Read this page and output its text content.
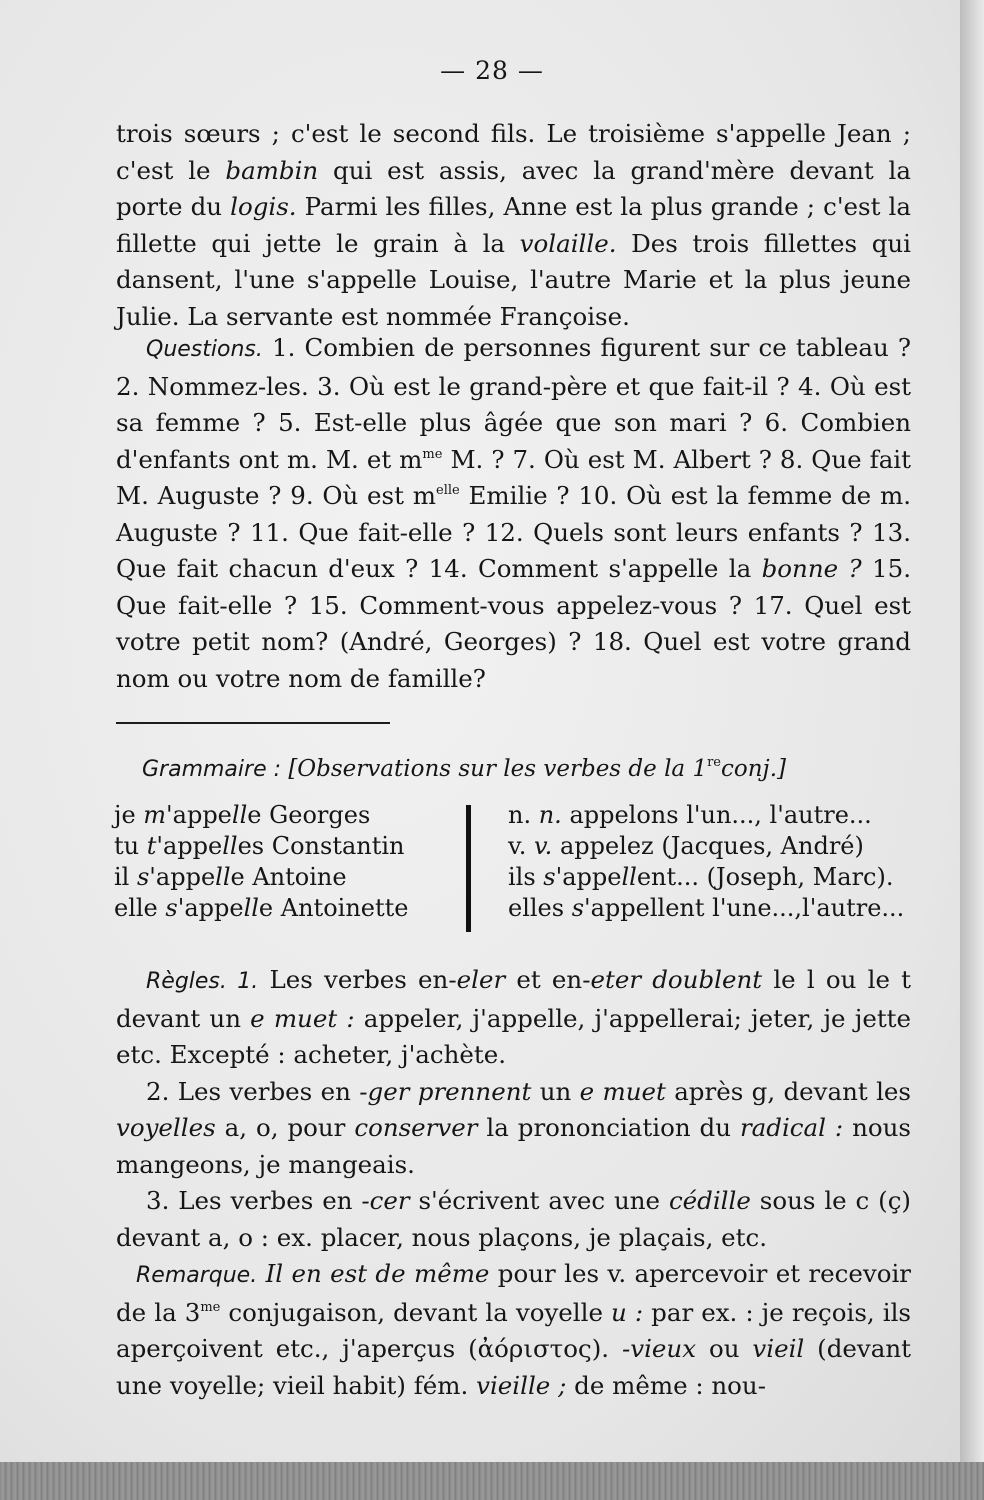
— 28 —

trois sœurs ; c'est le second fils. Le troisième s'appelle Jean ; c'est le bambin qui est assis, avec la grand'mère devant la porte du logis. Parmi les filles, Anne est la plus grande ; c'est la fillette qui jette le grain à la volaille. Des trois fillettes qui dansent, l'une s'appelle Louise, l'autre Marie et la plus jeune Julie. La servante est nommée Françoise.

Questions. 1. Combien de personnes figurent sur ce tableau ? 2. Nommez-les. 3. Où est le grand-père et que fait-il ? 4. Où est sa femme ? 5. Est-elle plus âgée que son mari ? 6. Combien d'enfants ont m. M. et $m^{me}$ M. ? 7. Où est M. Albert ? 8. Que fait M. Auguste ? 9. Où est $m^{elle}$ Emilie ? 10. Où est la femme de m. Auguste ? 11. Que fait-elle ? 12. Quels sont leurs enfants ? 13. Que fait chacun d'eux ? 14. Comment s'appelle la bonne ? 15. Que fait-elle ? 15. Comment-vous appelez-vous ? 17. Quel est votre petit nom? (André, Georges) ? 18. Quel est votre grand nom ou votre nom de famille?

Grammaire : [Observations sur les verbes de la 1reconj.]
je m'appelle Georges
tu t'appelles Constantin
il s'appelle Antoine
elle s'appelle Antoinette
n. n. appelons l'un..., l'autre...
v. v. appelez (Jacques, André)
ils s'appellent... (Joseph, Marc).
elles s'appellent l'une...,l'autre...
Règles. 1. Les verbes en-eler et en-eter doublent le l ou le t devant un e muet : appeler, j'appelle, j'appellerai; jeter, je jette etc. Excepté : acheter, j'achète.
2. Les verbes en -ger prennent un e muet après g, devant les voyelles a, o, pour conserver la prononciation du radical : nous mangeons, je mangeais.
3. Les verbes en -cer s'écrivent avec une cédille sous le c (ç) devant a, o : ex. placer, nous plaçons, je plaçais, etc.
Remarque. Il en est de même pour les v. apercevoir et recevoir de la $3^{me}$ conjugaison, devant la voyelle u : par ex. : je reçois, ils aperçoivent etc., j'aperçus (ἀόριστος). -vieux ou vieil (devant une voyelle; vieil habit) fém. vieille ; de même : nou-
